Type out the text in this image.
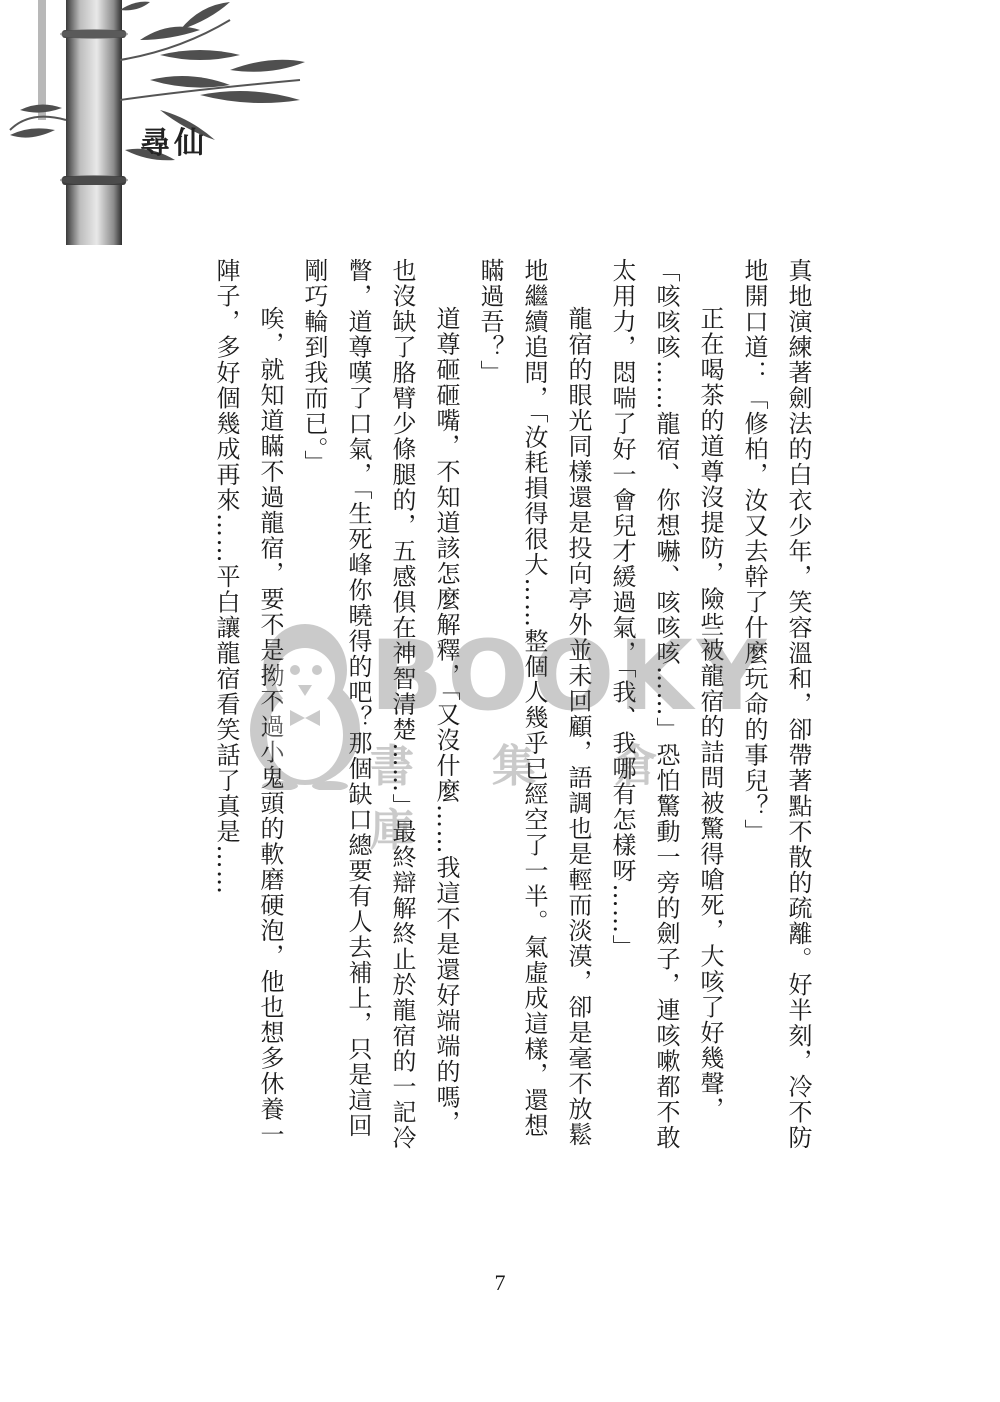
尋仙

真地演練著劍法的白衣少年，笑容溫和，卻帶著點不散的疏離。好半刻，冷不防地開口道：「修柏，汝又去幹了什麼玩命的事兒？」

正在喝茶的道尊沒提防，險些被龍宿的詰問被驚得嗆死，大咳了好幾聲，「咳咳咳……龍宿、你想嚇、咳咳咳……」恐怕驚動一旁的劍子，連咳嗽都不敢太用力，悶喘了好一會兒才緩過氣，「我、我哪有怎樣呀……」

龍宿的眼光同樣還是投向亭外並未回顧，語調也是輕而淡漠，卻是毫不放鬆地繼續追問，「汝耗損得很大……整個人幾乎已經空了一半。氣虛成這樣，還想瞞過吾？」

道尊砸砸嘴，不知道該怎麼解釋，「又沒什麼……我這不是還好端端的嗎，也沒缺了胳臂少條腿的，五感俱在神智清楚……」最終辯解終止於龍宿的一記冷瞥，道尊嘆了口氣，「生死峰你曉得的吧？那個缺口總要有人去補上，只是這回剛巧輪到我而已。」

唉，就知道瞞不過龍宿，要不是拗不過小鬼頭的軟磨硬泡，他也想多休養一陣子，多好個幾成再來……平白讓龍宿看笑話了真是……	BOOKY
書集倉庫
7
